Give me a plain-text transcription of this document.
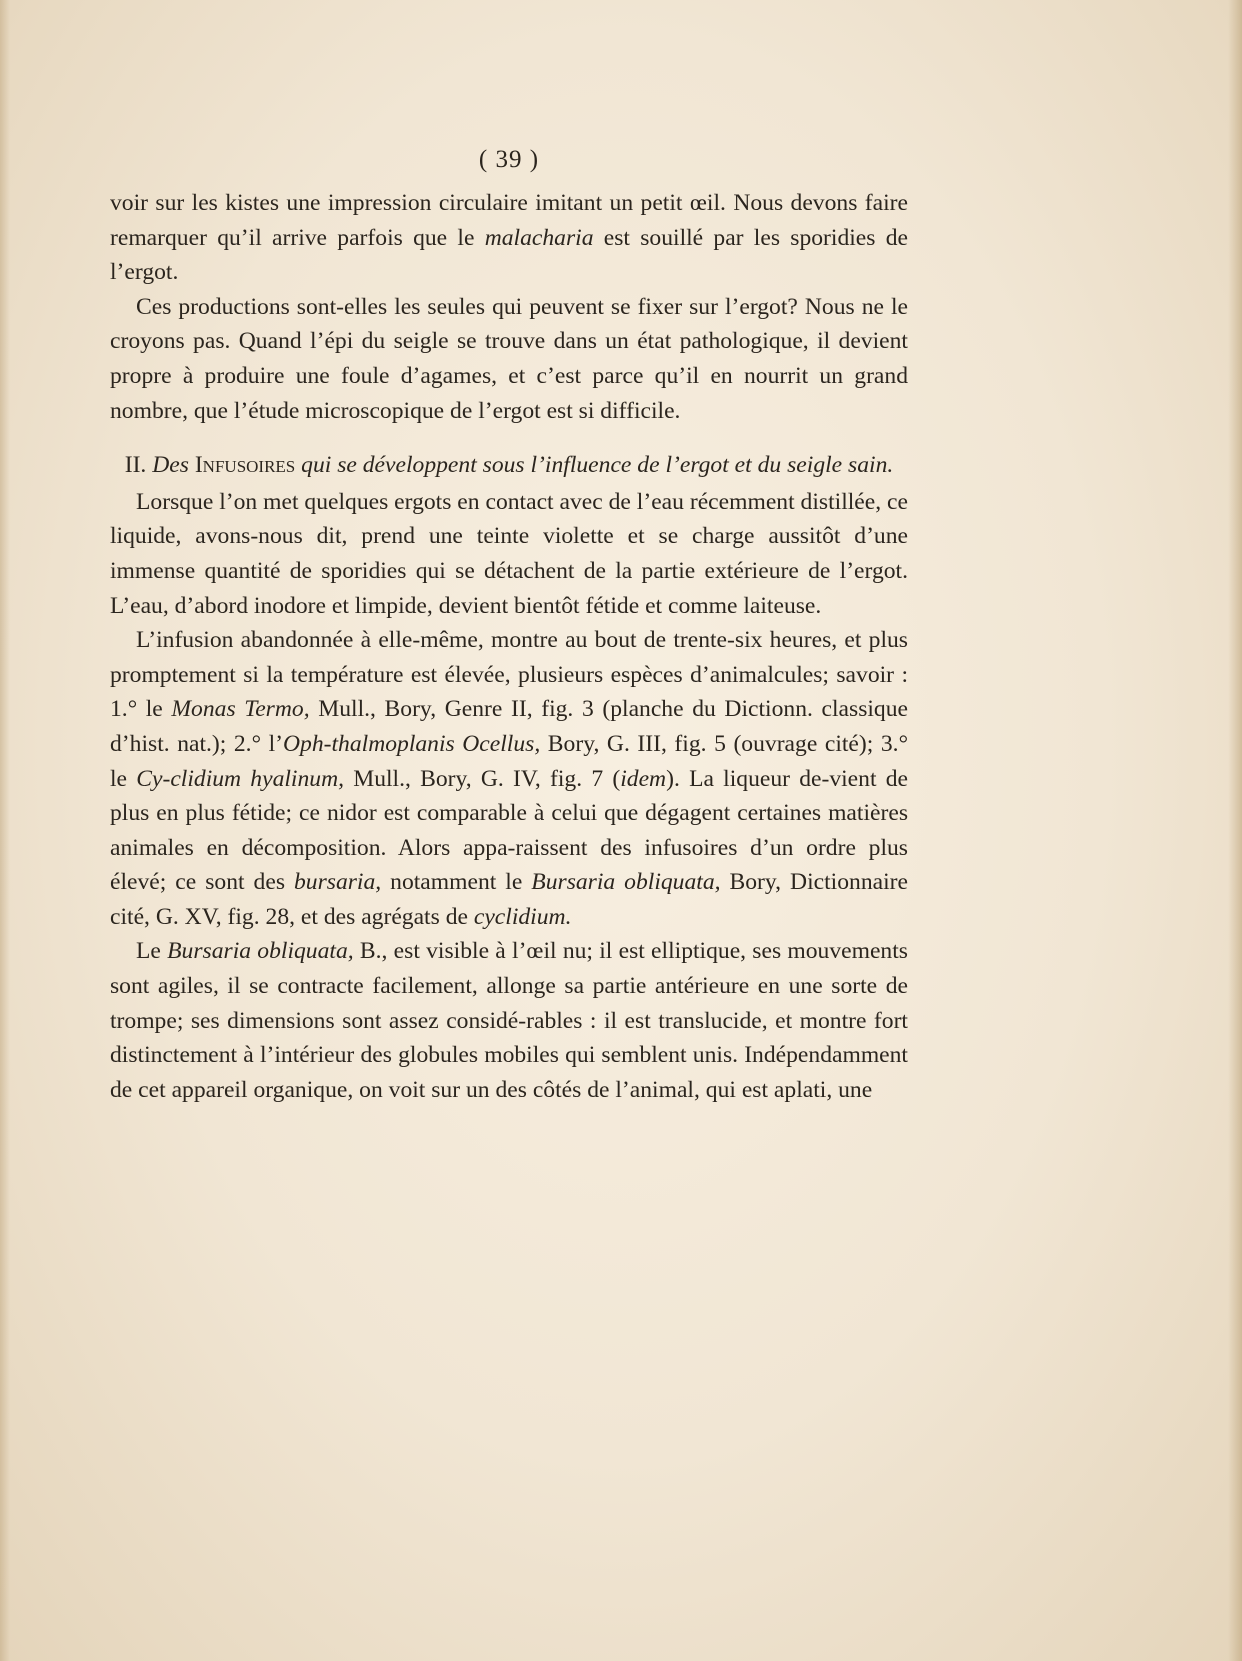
( 39 )

voir sur les kistes une impression circulaire imitant un petit œil. Nous devons faire remarquer qu’il arrive parfois que le malacharia est souillé par les sporidies de l’ergot.

Ces productions sont-elles les seules qui peuvent se fixer sur l’ergot? Nous ne le croyons pas. Quand l’épi du seigle se trouve dans un état pathologique, il devient propre à produire une foule d’agames, et c’est parce qu’il en nourrit un grand nombre, que l’étude microscopique de l’ergot est si difficile.

II. Des Infusoires qui se développent sous l’influence de l’ergot et du seigle sain.

Lorsque l’on met quelques ergots en contact avec de l’eau récemment distillée, ce liquide, avons-nous dit, prend une teinte violette et se charge aussitôt d’une immense quantité de sporidies qui se détachent de la partie extérieure de l’ergot. L’eau, d’abord inodore et limpide, devient bientôt fétide et comme laiteuse.

L’infusion abandonnée à elle-même, montre au bout de trente-six heures, et plus promptement si la température est élevée, plusieurs espèces d’animalcules; savoir : 1.° le Monas Termo, Mull., Bory, Genre II, fig. 3 (planche du Dictionn. classique d’hist. nat.); 2.° l’Oph-thalmoplanis Ocellus, Bory, G. III, fig. 5 (ouvrage cité); 3.° le Cy-clidium hyalinum, Mull., Bory, G. IV, fig. 7 (idem). La liqueur de-vient de plus en plus fétide; ce nidor est comparable à celui que dégagent certaines matières animales en décomposition. Alors appa-raissent des infusoires d’un ordre plus élevé; ce sont des bursaria, notamment le Bursaria obliquata, Bory, Dictionnaire cité, G. XV, fig. 28, et des agrégats de cyclidium.

Le Bursaria obliquata, B., est visible à l’œil nu; il est elliptique, ses mouvements sont agiles, il se contracte facilement, allonge sa partie antérieure en une sorte de trompe; ses dimensions sont assez considé-rables : il est translucide, et montre fort distinctement à l’intérieur des globules mobiles qui semblent unis. Indépendamment de cet appareil organique, on voit sur un des côtés de l’animal, qui est aplati, une
